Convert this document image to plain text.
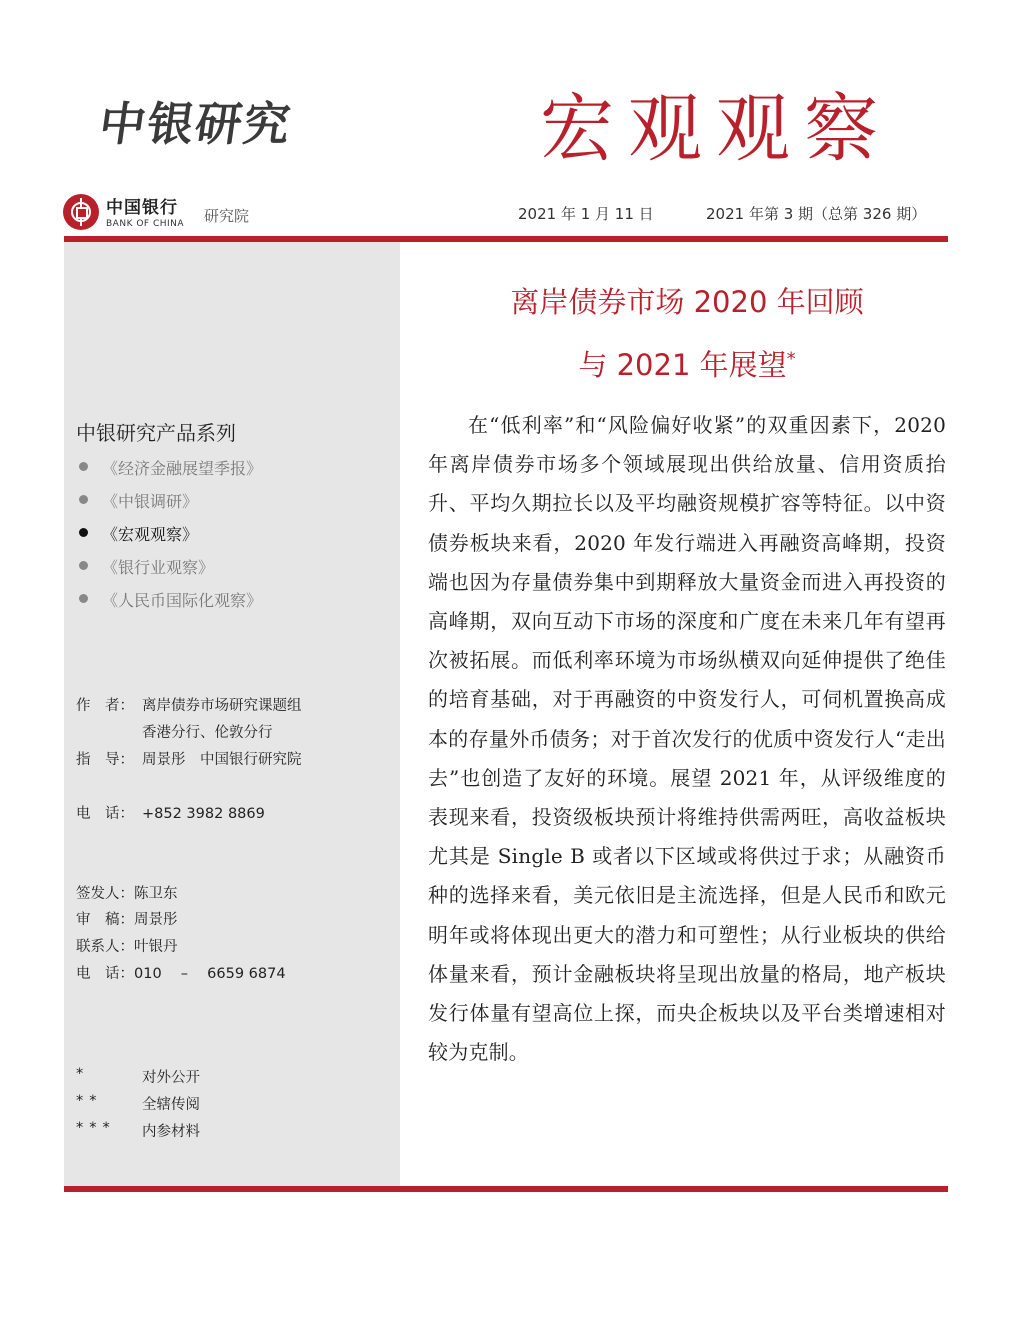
中银研究	宏观观察
中国银行
BANK OF CHINA 研究院	2021 年 1 月 11 日	2021 年第 3 期（总第 326 期）
中银研究产品系列
《经济金融展望季报》
《中银调研》
《宏观观察》
《银行业观察》
《人民币国际化观察》
作　者： 离岸债券市场研究课题组
香港分行、伦敦分行
指　导： 周景彤　中国银行研究院
电　话： +852 3982 8869
签发人：陈卫东
审　稿：周景彤
联系人：叶银丹
电　话：010 　–　 6659 6874
*	对外公开
**	全辖传阅
***	内参材料
离岸债券市场 2020 年回顾
与 2021 年展望*

在“低利率”和“风险偏好收紧”的双重因素下，2020 年离岸债券市场多个领域展现出供给放量、信用资质抬升、平均久期拉长以及平均融资规模扩容等特征。以中资债券板块来看，2020 年发行端进入再融资高峰期，投资端也因为存量债券集中到期释放大量资金而进入再投资的高峰期，双向互动下市场的深度和广度在未来几年有望再次被拓展。而低利率环境为市场纵横双向延伸提供了绝佳的培育基础，对于再融资的中资发行人，可伺机置换高成本的存量外币债务；对于首次发行的优质中资发行人“走出去”也创造了友好的环境。展望 2021 年，从评级维度的表现来看，投资级板块预计将维持供需两旺，高收益板块尤其是 Single B 或者以下区域或将供过于求；从融资币种的选择来看，美元依旧是主流选择，但是人民币和欧元明年或将体现出更大的潜力和可塑性；从行业板块的供给体量来看，预计金融板块将呈现出放量的格局，地产板块发行体量有望高位上探，而央企板块以及平台类增速相对较为克制。
